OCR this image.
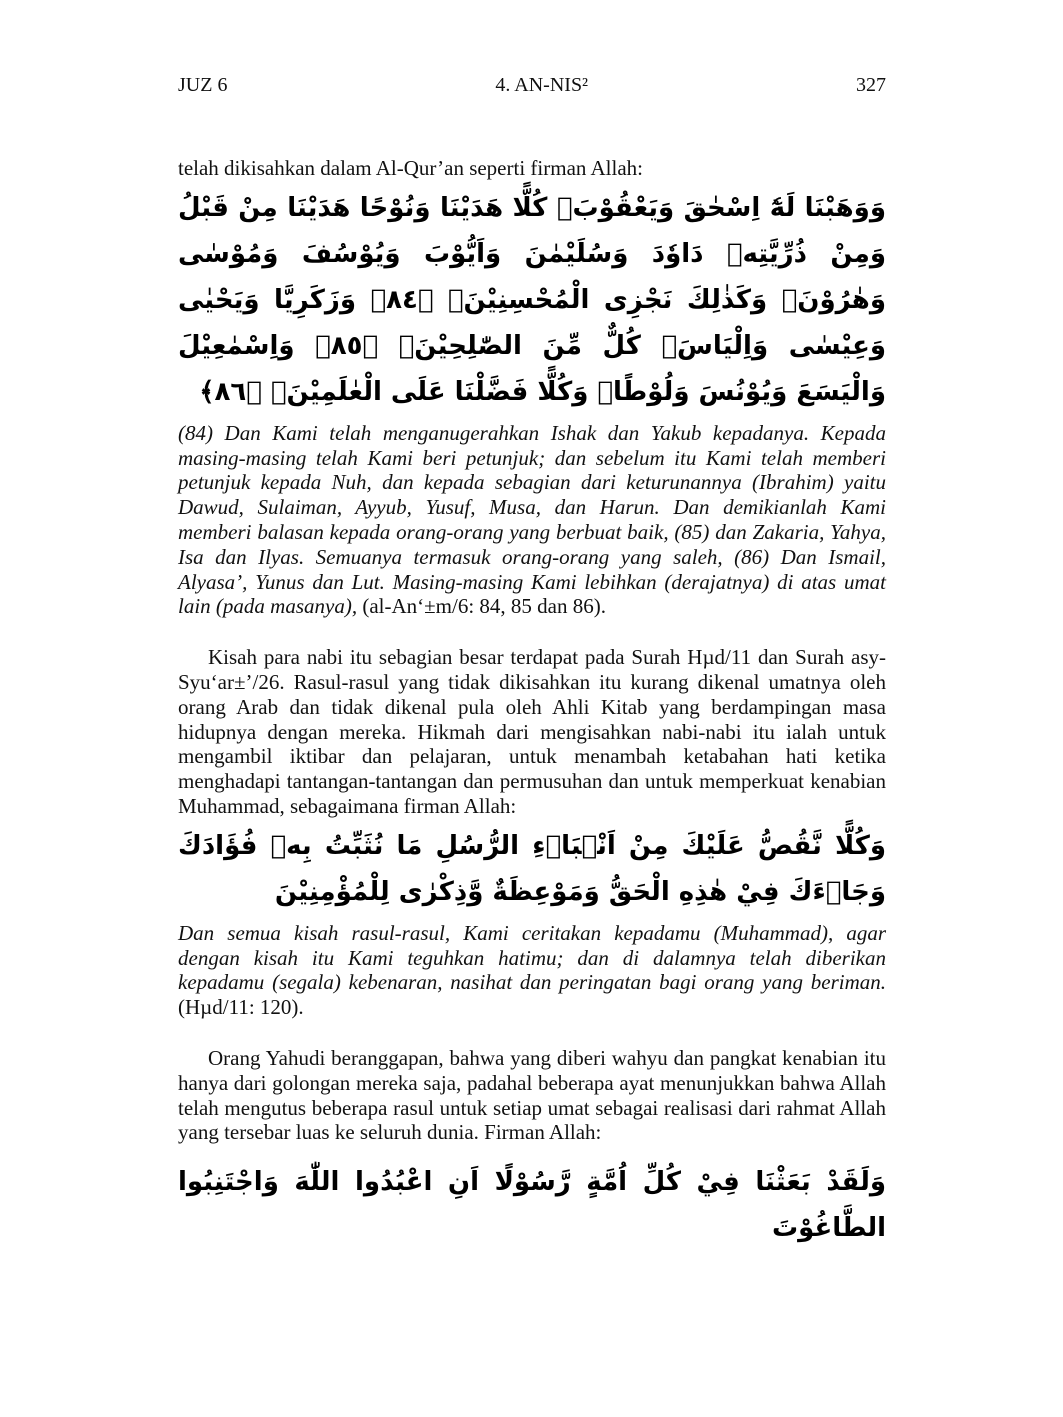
JUZ 6	4. AN-NIS²	327

telah dikisahkan dalam Al-Qur’an seperti firman Allah:

وَوَهَبْنَا لَهٗٓ اِسْحٰقَ وَيَعْقُوْبَۗ كُلًّا هَدَيْنَا وَنُوْحًا هَدَيْنَا مِنْ قَبْلُ وَمِنْ ذُرِّيَّتِهٖ دَاوٗدَ وَسُلَيْمٰنَ وَاَيُّوْبَ وَيُوْسُفَ وَمُوْسٰى وَهٰرُوْنَۗ وَكَذٰلِكَ نَجْزِى الْمُحْسِنِيْنَۙ ﴿٨٤﴾ وَزَكَرِيَّا وَيَحْيٰى وَعِيْسٰى وَاِلْيَاسَۗ كُلٌّ مِّنَ الصّٰلِحِيْنَۙ ﴿٨٥﴾ وَاِسْمٰعِيْلَ وَالْيَسَعَ وَيُوْنُسَ وَلُوْطًاۗ وَكُلًّا فَضَّلْنَا عَلَى الْعٰلَمِيْنَۙ ﴿٨٦﴾

(84) Dan Kami telah menganugerahkan Ishak dan Yakub kepadanya. Kepada masing-masing telah Kami beri petunjuk; dan sebelum itu Kami telah memberi petunjuk kepada Nuh, dan kepada sebagian dari keturunannya (Ibrahim) yaitu Dawud, Sulaiman, Ayyub, Yusuf, Musa, dan Harun. Dan demikianlah Kami memberi balasan kepada orang-orang yang berbuat baik, (85) dan Zakaria, Yahya, Isa dan Ilyas. Semuanya termasuk orang-orang yang saleh, (86) Dan Ismail, Alyasa’, Yunus dan Lut. Masing-masing Kami lebihkan (derajatnya) di atas umat lain (pada masanya), (al-An‘±m/6: 84, 85 dan 86).

Kisah para nabi itu sebagian besar terdapat pada Surah Hµd/11 dan Surah asy-Syu‘ar±’/26. Rasul-rasul yang tidak dikisahkan itu kurang dikenal umatnya oleh orang Arab dan tidak dikenal pula oleh Ahli Kitab yang berdampingan masa hidupnya dengan mereka. Hikmah dari mengisahkan nabi-nabi itu ialah untuk mengambil iktibar dan pelajaran, untuk menambah ketabahan hati ketika menghadapi tantangan-tantangan dan permusuhan dan untuk memperkuat kenabian Muhammad, sebagaimana firman Allah:

وَكُلًّا نَّقُصُّ عَلَيْكَ مِنْ اَنْۢبَاۤءِ الرُّسُلِ مَا نُثَبِّتُ بِهٖ فُؤَادَكَ وَجَاۤءَكَ فِيْ هٰذِهِ الْحَقُّ وَمَوْعِظَةٌ وَّذِكْرٰى لِلْمُؤْمِنِيْنَ

Dan semua kisah rasul-rasul, Kami ceritakan kepadamu (Muhammad), agar dengan kisah itu Kami teguhkan hatimu; dan di dalamnya telah diberikan kepadamu (segala) kebenaran, nasihat dan peringatan bagi orang yang beriman. (Hµd/11: 120).

Orang Yahudi beranggapan, bahwa yang diberi wahyu dan pangkat kenabian itu hanya dari golongan mereka saja, padahal beberapa ayat menunjukkan bahwa Allah telah mengutus beberapa rasul untuk setiap umat sebagai realisasi dari rahmat Allah yang tersebar luas ke seluruh dunia. Firman Allah:

وَلَقَدْ بَعَثْنَا فِيْ كُلِّ اُمَّةٍ رَّسُوْلًا اَنِ اعْبُدُوا اللّٰهَ وَاجْتَنِبُوا الطَّاغُوْتَ
